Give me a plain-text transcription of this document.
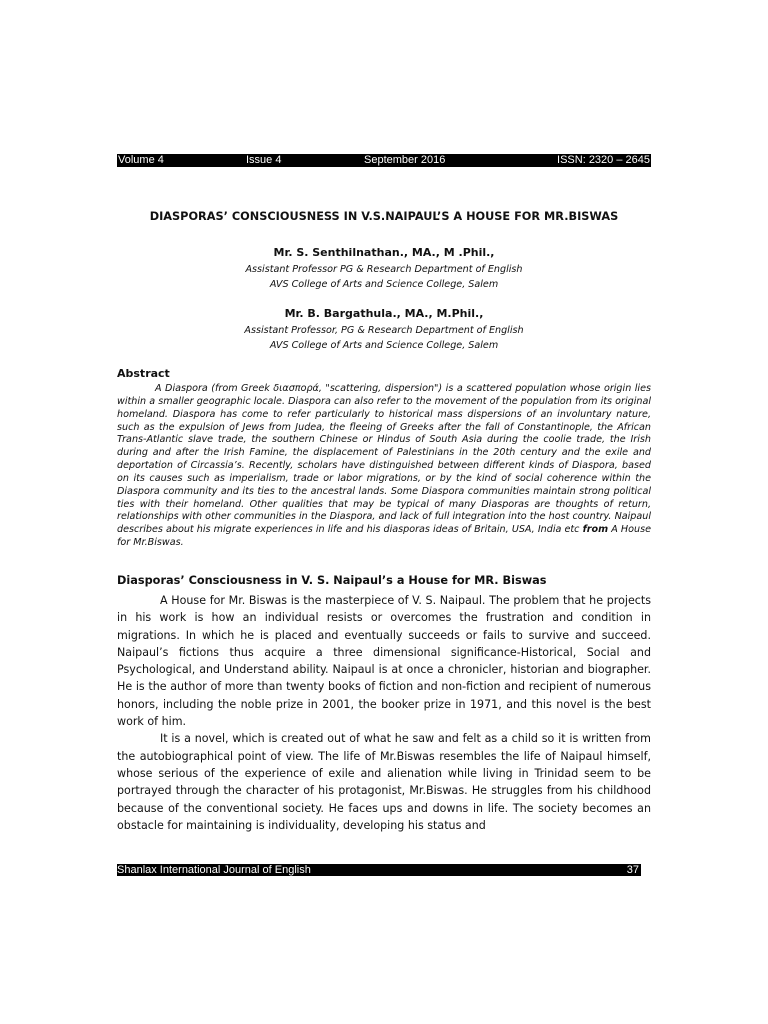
Volume 4	Issue 4	September 2016	ISSN: 2320 – 2645
DIASPORAS’ CONSCIOUSNESS IN V.S.NAIPAUL’S A HOUSE FOR MR.BISWAS
Mr. S. Senthilnathan., MA., M .Phil.,
Assistant Professor PG & Research Department of English
AVS College of Arts and Science College, Salem
Mr. B. Bargathula., MA., M.Phil.,
Assistant Professor, PG & Research Department of English
AVS College of Arts and Science College, Salem
Abstract

A Diaspora (from Greek διασπορά, "scattering, dispersion") is a scattered population whose origin lies within a smaller geographic locale. Diaspora can also refer to the movement of the population from its original homeland. Diaspora has come to refer particularly to historical mass dispersions of an involuntary nature, such as the expulsion of Jews from Judea, the fleeing of Greeks after the fall of Constantinople, the African Trans-Atlantic slave trade, the southern Chinese or Hindus of South Asia during the coolie trade, the Irish during and after the Irish Famine, the displacement of Palestinians in the 20th century and the exile and deportation of Circassia’s. Recently, scholars have distinguished between different kinds of Diaspora, based on its causes such as imperialism, trade or labor migrations, or by the kind of social coherence within the Diaspora community and its ties to the ancestral lands. Some Diaspora communities maintain strong political ties with their homeland. Other qualities that may be typical of many Diasporas are thoughts of return, relationships with other communities in the Diaspora, and lack of full integration into the host country. Naipaul describes about his migrate experiences in life and his diasporas ideas of Britain, USA, India etc from A House for Mr.Biswas.

Diasporas’ Consciousness in V. S. Naipaul’s a House for MR. Biswas

A House for Mr. Biswas is the masterpiece of V. S. Naipaul. The problem that he projects in his work is how an individual resists or overcomes the frustration and condition in migrations. In which he is placed and eventually succeeds or fails to survive and succeed. Naipaul’s fictions thus acquire a three dimensional significance-Historical, Social and Psychological, and Understand ability. Naipaul is at once a chronicler, historian and biographer. He is the author of more than twenty books of fiction and non-fiction and recipient of numerous honors, including the noble prize in 2001, the booker prize in 1971, and this novel is the best work of him.

It is a novel, which is created out of what he saw and felt as a child so it is written from the autobiographical point of view. The life of Mr.Biswas resembles the life of Naipaul himself, whose serious of the experience of exile and alienation while living in Trinidad seem to be portrayed through the character of his protagonist, Mr.Biswas. He struggles from his childhood because of the conventional society. He faces ups and downs in life. The society becomes an obstacle for maintaining is individuality, developing his status and

Shanlax International Journal of English	37
